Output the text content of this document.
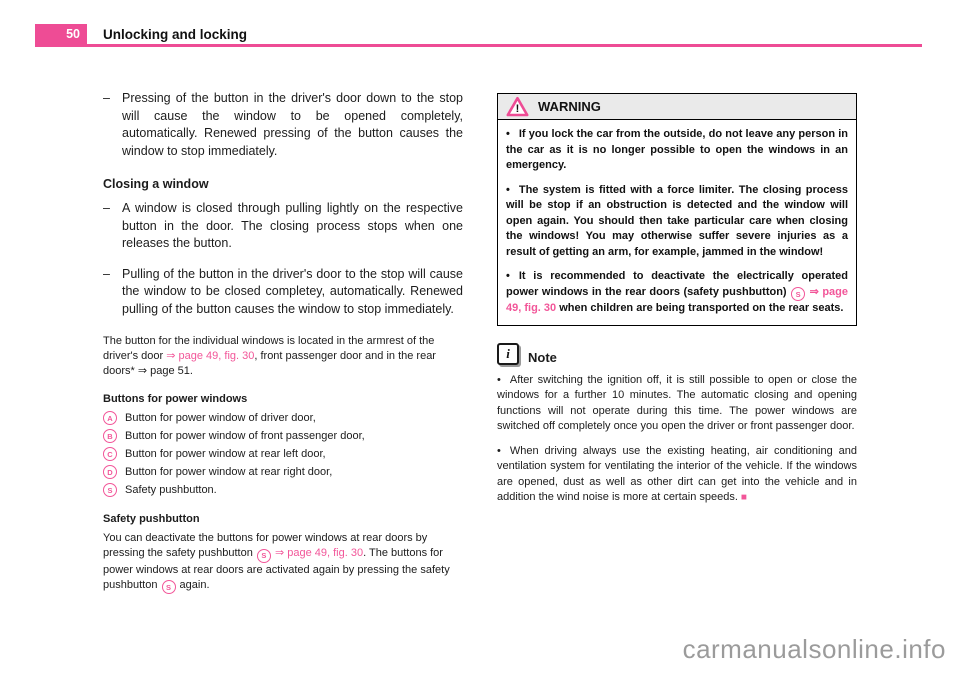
50	Unlocking and locking

– Pressing of the button in the driver's door down to the stop will cause the window to be opened completely, automatically. Renewed pressing of the button causes the window to stop immediately.

Closing a window

– A window is closed through pulling lightly on the respective button in the door. The closing process stops when one releases the button.

– Pulling of the button in the driver's door to the stop will cause the window to be closed completey, automatically. Renewed pulling of the button causes the window to stop immediately.

The button for the individual windows is located in the armrest of the driver's door ⇒ page 49, fig. 30, front passenger door and in the rear doors* ⇒ page 51.

Buttons for power windows
A	Button for power window of driver door,
B	Button for power window of front passenger door,
C	Button for power window at rear left door,
D	Button for power window at rear right door,
S	Safety pushbutton.
Safety pushbutton

You can deactivate the buttons for power windows at rear doors by pressing the safety pushbutton S ⇒ page 49, fig. 30. The buttons for power windows at rear doors are activated again by pressing the safety pushbutton S again.

! WARNING

• If you lock the car from the outside, do not leave any person in the car as it is no longer possible to open the windows in an emergency.

• The system is fitted with a force limiter. The closing process will be stop if an obstruction is detected and the window will open again. You should then take particular care when closing the windows! You may otherwise suffer severe injuries as a result of getting an arm, for example, jammed in the window!

• It is recommended to deactivate the electrically operated power windows in the rear doors (safety pushbutton) S ⇒ page 49, fig. 30 when children are being transported on the rear seats.

i	Note

• After switching the ignition off, it is still possible to open or close the windows for a further 10 minutes. The automatic closing and opening functions will not operate during this time. The power windows are switched off completely once you open the driver or front passenger door.

• When driving always use the existing heating, air conditioning and ventilation system for ventilating the interior of the vehicle. If the windows are opened, dust as well as other dirt can get into the vehicle and in addition the wind noise is more at certain speeds. ■

carmanualsonline.info
